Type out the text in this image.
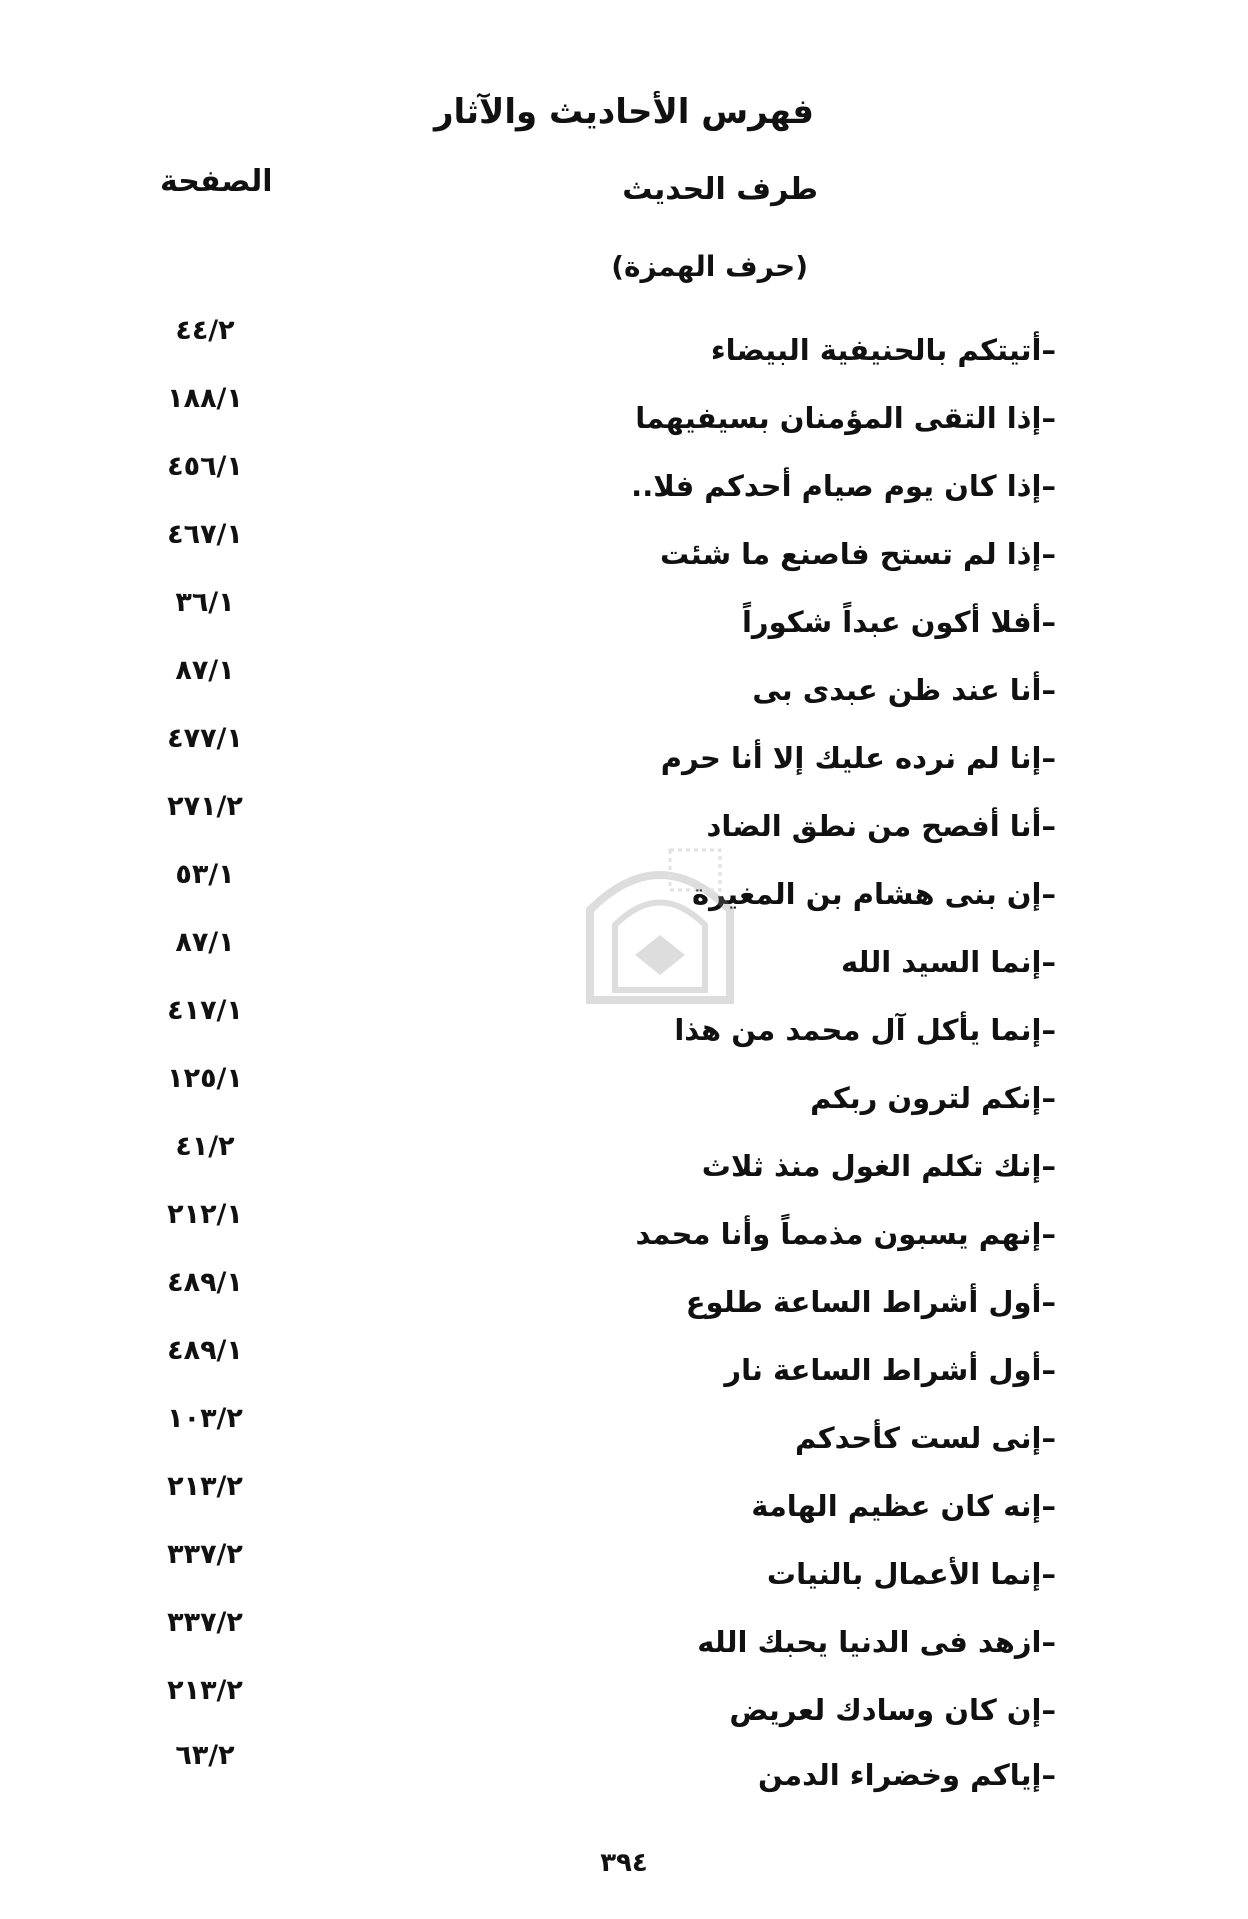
فهرس الأحاديث والآثار
طرف الحديث
الصفحة
(حرف الهمزة)
–أتيتكم بالحنيفية البيضاء
٤٤/٢
–إذا التقى المؤمنان بسيفيهما
١٨٨/١
–إذا كان يوم صيام أحدكم فلا..
٤٥٦/١
–إذا لم تستح فاصنع ما شئت
٤٦٧/١
–أفلا أكون عبداً شكوراً
٣٦/١
–أنا عند ظن عبدى بى
٨٧/١
–إنا لم نرده عليك إلا أنا حرم
٤٧٧/١
–أنا أفصح من نطق الضاد
٢٧١/٢
–إن بنى هشام بن المغيرة
٥٣/١
–إنما السيد الله
٨٧/١
–إنما يأكل آل محمد من هذا
٤١٧/١
–إنكم لترون ربكم
١٢٥/١
–إنك تكلم الغول منذ ثلاث
٤١/٢
–إنهم يسبون مذمماً وأنا محمد
٢١٢/١
–أول أشراط الساعة طلوع
٤٨٩/١
–أول أشراط الساعة نار
٤٨٩/١
–إنى لست كأحدكم
١٠٣/٢
–إنه كان عظيم الهامة
٢١٣/٢
–إنما الأعمال بالنيات
٣٣٧/٢
–ازهد فى الدنيا يحبك الله
٣٣٧/٢
–إن كان وسادك لعريض
٢١٣/٢
–إياكم وخضراء الدمن
٦٣/٢
٣٩٤
